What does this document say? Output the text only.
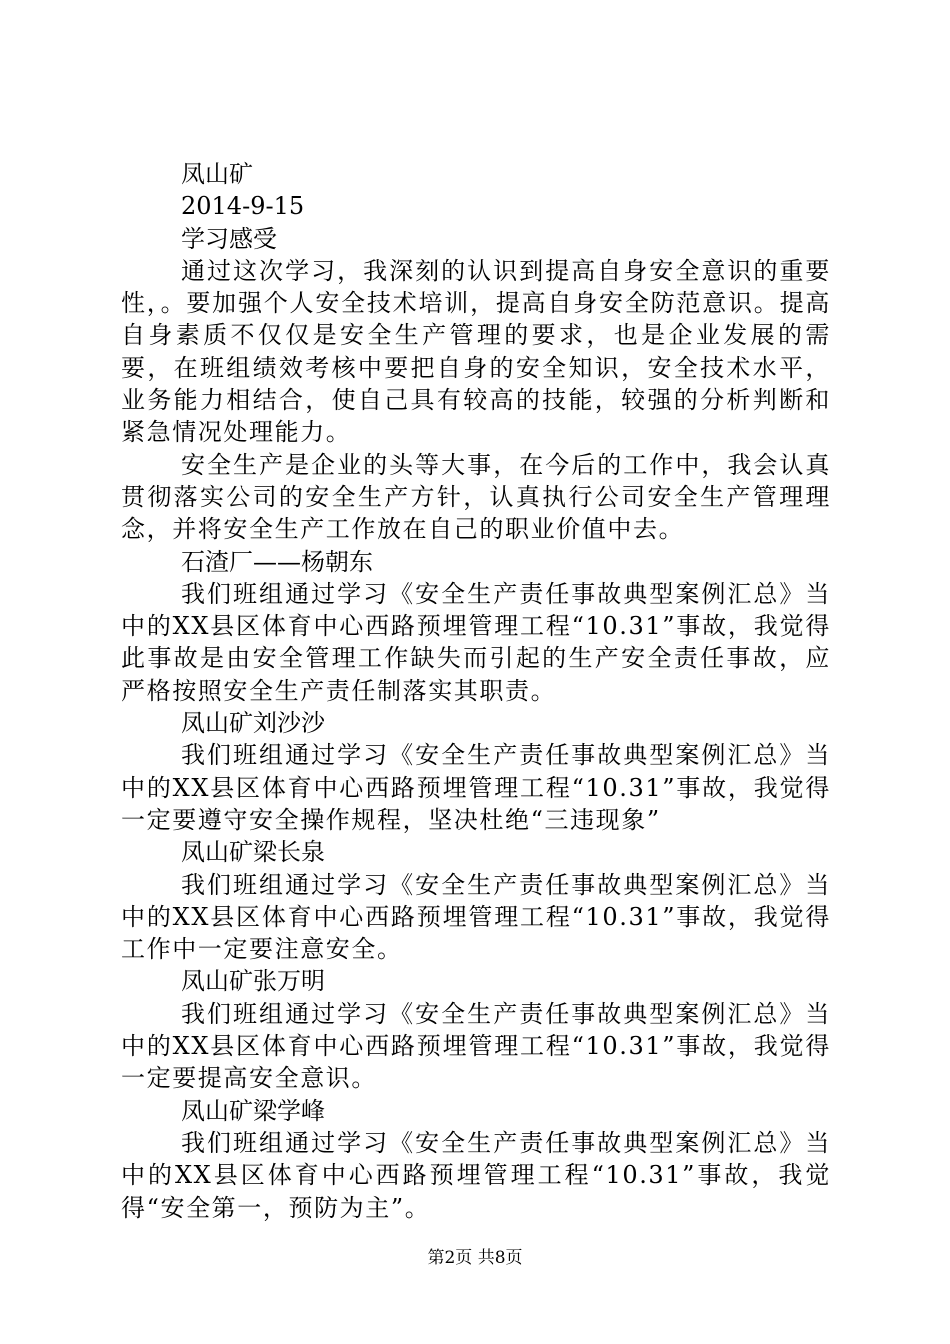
凤山矿
2014-9-15
学习感受
通过这次学习，我深刻的认识到提高自身安全意识的重要性，。要加强个人安全技术培训，提高自身安全防范意识。提高自身素质不仅仅是安全生产管理的要求，也是企业发展的需要，在班组绩效考核中要把自身的安全知识，安全技术水平，业务能力相结合，使自己具有较高的技能，较强的分析判断和紧急情况处理能力。
安全生产是企业的头等大事，在今后的工作中，我会认真贯彻落实公司的安全生产方针，认真执行公司安全生产管理理念，并将安全生产工作放在自己的职业价值中去。
石渣厂——杨朝东
我们班组通过学习《安全生产责任事故典型案例汇总》当中的XX县区体育中心西路预埋管理工程“10.31”事故，我觉得此事故是由安全管理工作缺失而引起的生产安全责任事故，应严格按照安全生产责任制落实其职责。
凤山矿刘沙沙
我们班组通过学习《安全生产责任事故典型案例汇总》当中的XX县区体育中心西路预埋管理工程“10.31”事故，我觉得一定要遵守安全操作规程，坚决杜绝“三违现象”
凤山矿梁长泉
我们班组通过学习《安全生产责任事故典型案例汇总》当中的XX县区体育中心西路预埋管理工程“10.31”事故，我觉得工作中一定要注意安全。
凤山矿张万明
我们班组通过学习《安全生产责任事故典型案例汇总》当中的XX县区体育中心西路预埋管理工程“10.31”事故，我觉得一定要提高安全意识。
凤山矿梁学峰
我们班组通过学习《安全生产责任事故典型案例汇总》当中的XX县区体育中心西路预埋管理工程“10.31”事故，我觉得“安全第一，预防为主”。
第2页 共8页
